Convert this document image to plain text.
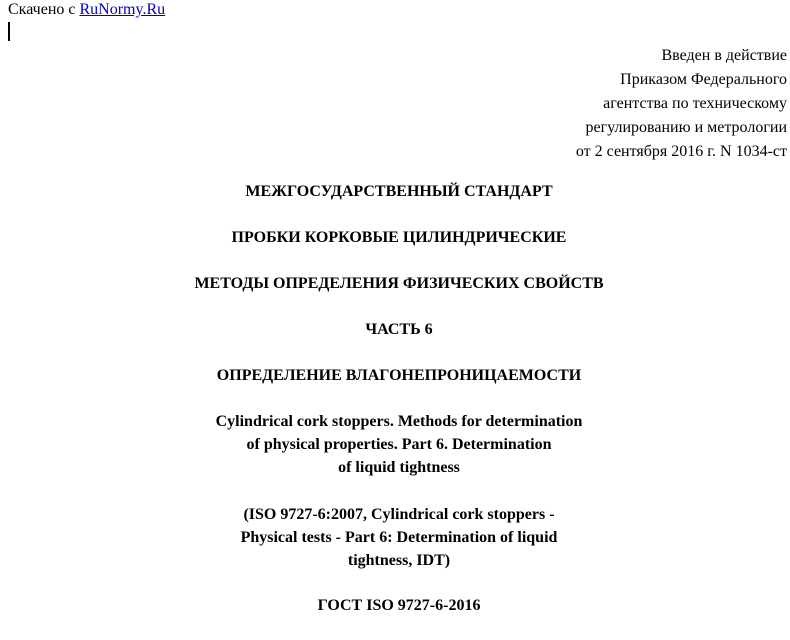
Скачено с RuNormy.Ru
Введен в действие
Приказом Федерального
агентства по техническому
регулированию и метрологии
от 2 сентября 2016 г. N 1034-ст
МЕЖГОСУДАРСТВЕННЫЙ СТАНДАРТ
ПРОБКИ КОРКОВЫЕ ЦИЛИНДРИЧЕСКИЕ
МЕТОДЫ ОПРЕДЕЛЕНИЯ ФИЗИЧЕСКИХ СВОЙСТВ
ЧАСТЬ 6
ОПРЕДЕЛЕНИЕ ВЛАГОНЕПРОНИЦАЕМОСТИ
Cylindrical cork stoppers. Methods for determination
of physical properties. Part 6. Determination
of liquid tightness
(ISO 9727-6:2007, Cylindrical cork stoppers -
Physical tests - Part 6: Determination of liquid
tightness, IDT)
ГОСТ ISO 9727-6-2016
